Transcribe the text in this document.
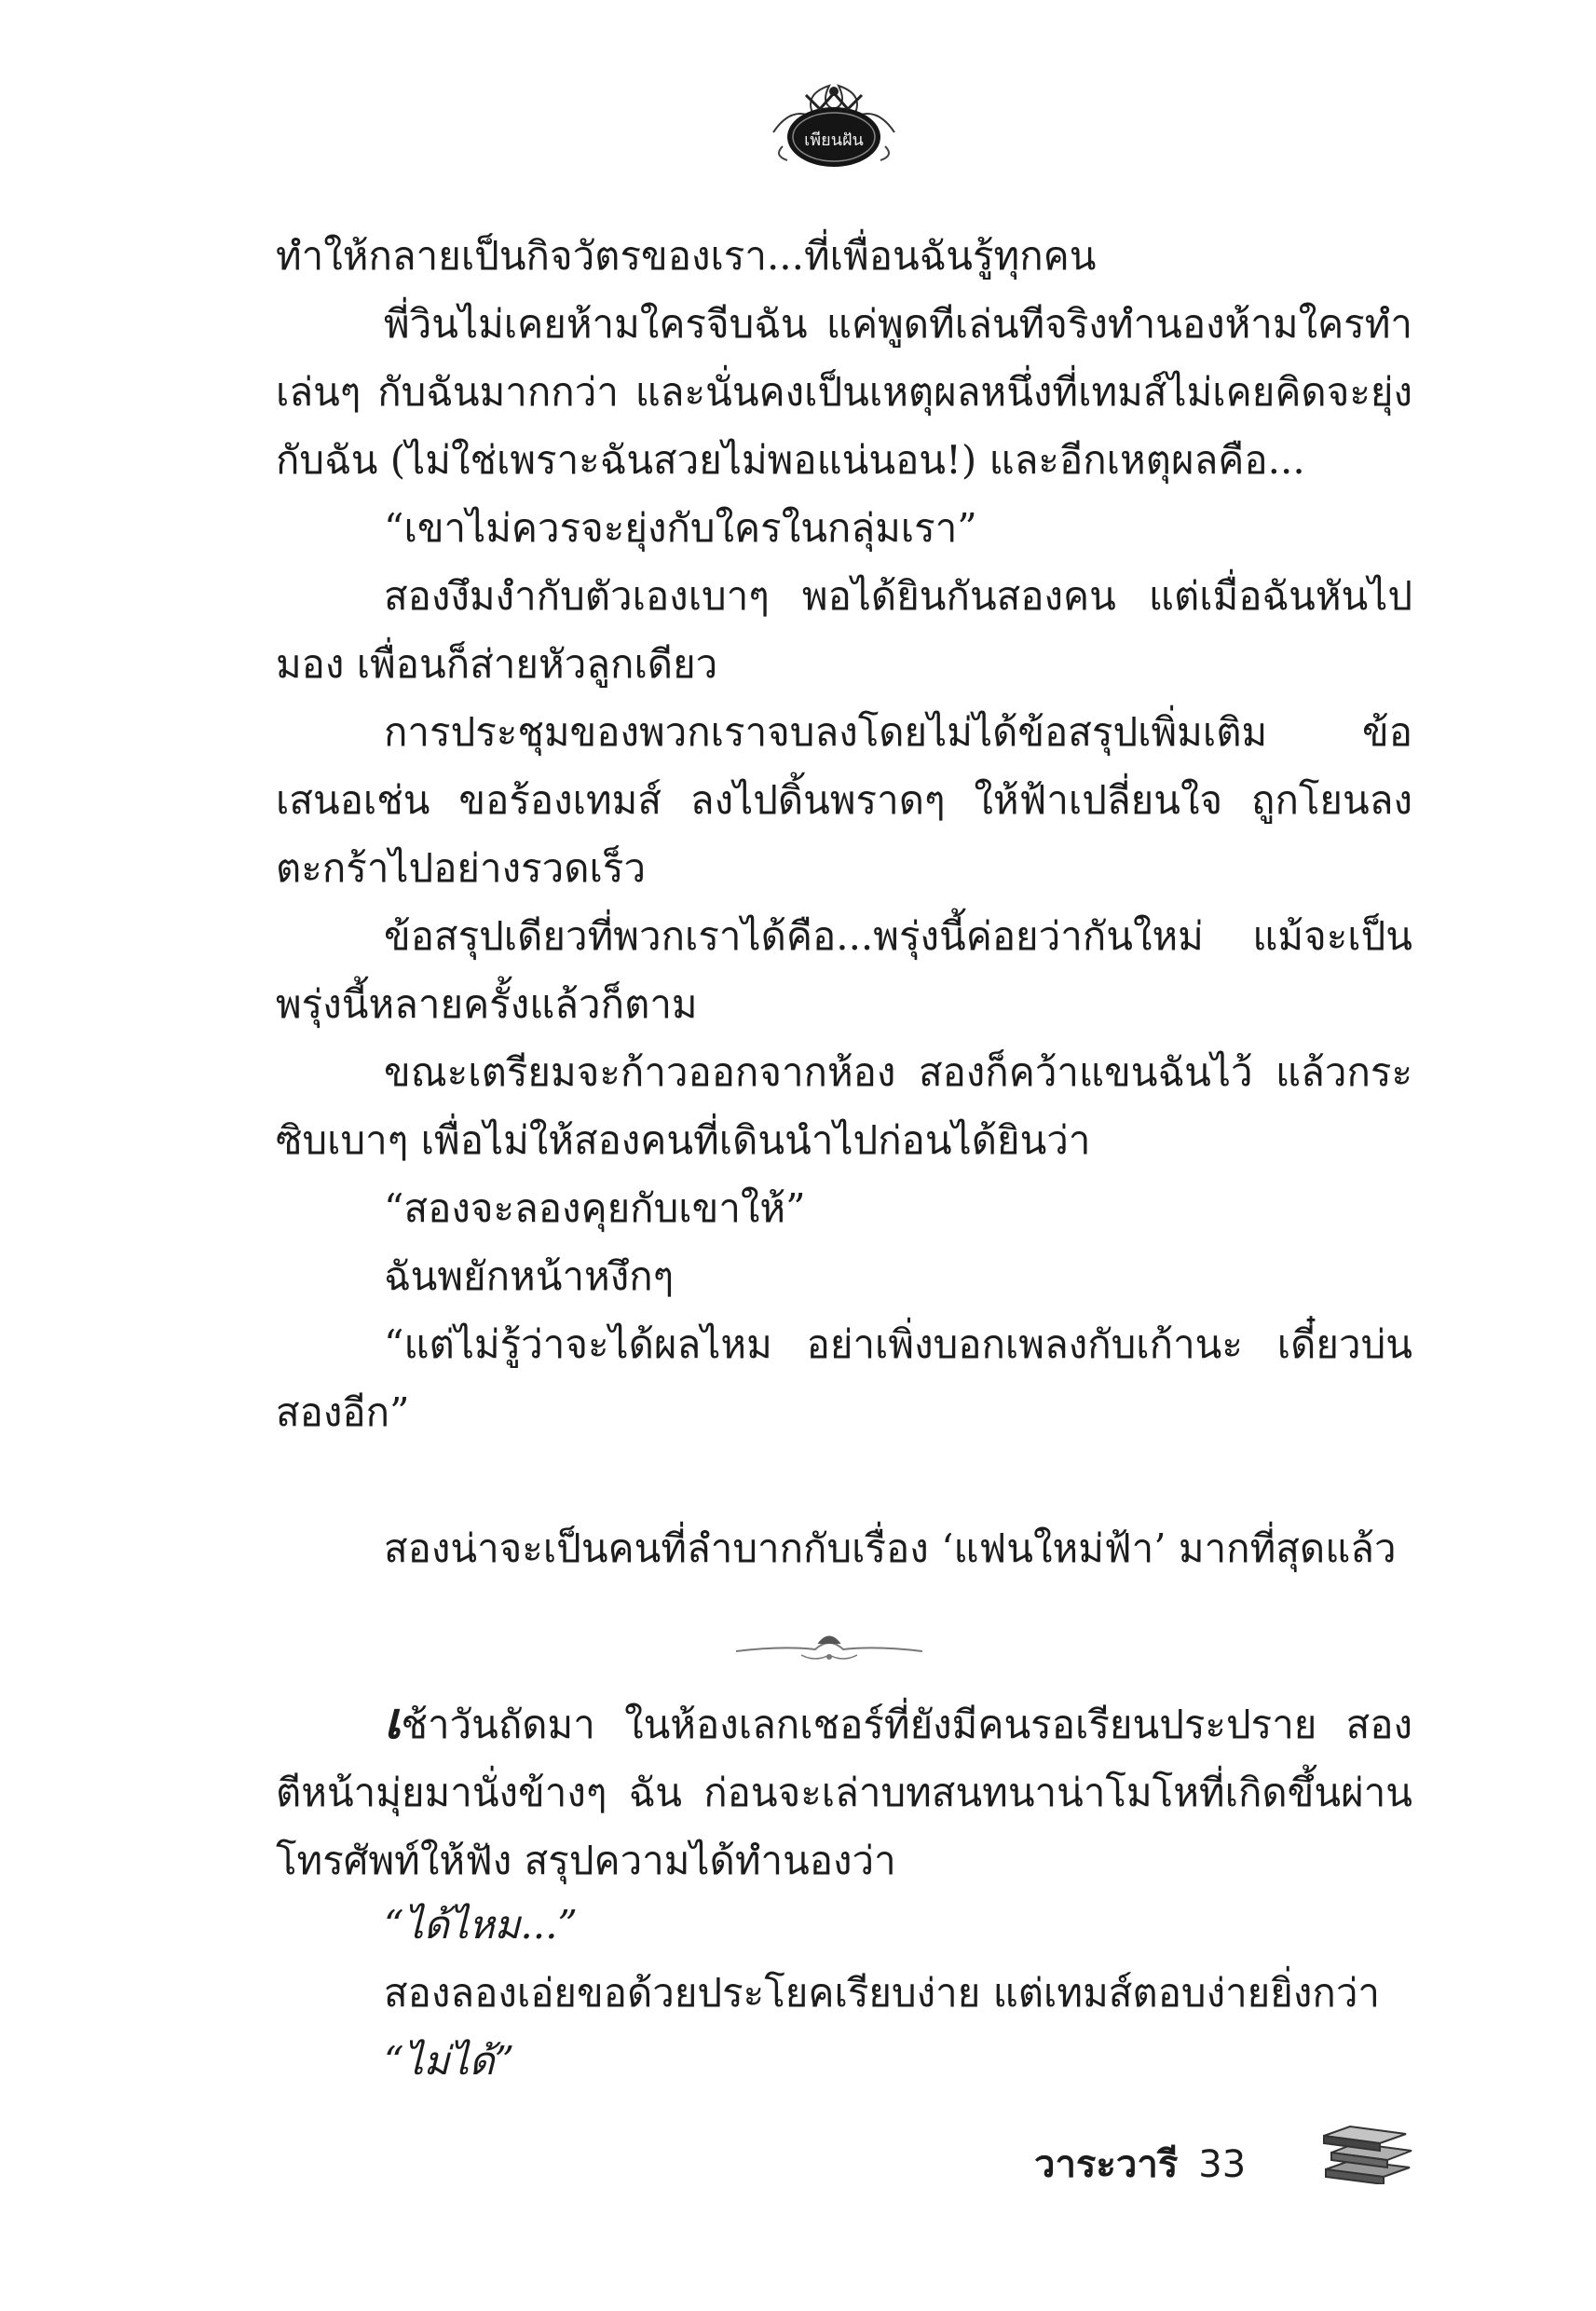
เพียนฝัน

ทำให้กลายเป็นกิจวัตรของเรา...ที่เพื่อนฉันรู้ทุกคน

พี่วินไม่เคยห้ามใครจีบฉัน แค่พูดทีเล่นทีจริงทำนองห้ามใครทำเล่นๆ กับฉันมากกว่า และนั่นคงเป็นเหตุผลหนึ่งที่เทมส์ไม่เคยคิดจะยุ่งกับฉัน (ไม่ใช่เพราะฉันสวยไม่พอแน่นอน!) และอีกเหตุผลคือ...

“เขาไม่ควรจะยุ่งกับใครในกลุ่มเรา”

สองงึมงำกับตัวเองเบาๆ พอได้ยินกันสองคน แต่เมื่อฉันหันไปมอง เพื่อนก็ส่ายหัวลูกเดียว

การประชุมของพวกเราจบลงโดยไม่ได้ข้อสรุปเพิ่มเติม ข้อเสนอเช่น ขอร้องเทมส์ ลงไปดิ้นพราดๆ ให้ฟ้าเปลี่ยนใจ ถูกโยนลงตะกร้าไปอย่างรวดเร็ว

ข้อสรุปเดียวที่พวกเราได้คือ...พรุ่งนี้ค่อยว่ากันใหม่ แม้จะเป็นพรุ่งนี้หลายครั้งแล้วก็ตาม

ขณะเตรียมจะก้าวออกจากห้อง สองก็คว้าแขนฉันไว้ แล้วกระซิบเบาๆ เพื่อไม่ให้สองคนที่เดินนำไปก่อนได้ยินว่า

“สองจะลองคุยกับเขาให้”

ฉันพยักหน้าหงึกๆ

“แต่ไม่รู้ว่าจะได้ผลไหม อย่าเพิ่งบอกเพลงกับเก้านะ เดี๋ยวบ่นสองอีก”

สองน่าจะเป็นคนที่ลำบากกับเรื่อง ‘แฟนใหม่ฟ้า’ มากที่สุดแล้ว

เช้าวันถัดมา ในห้องเลกเชอร์ที่ยังมีคนรอเรียนประปราย สองตีหน้ามุ่ยมานั่งข้างๆ ฉัน ก่อนจะเล่าบทสนทนาน่าโมโหที่เกิดขึ้นผ่านโทรศัพท์ให้ฟัง สรุปความได้ทำนองว่า

“ได้ไหม...”

สองลองเอ่ยขอด้วยประโยคเรียบง่าย แต่เทมส์ตอบง่ายยิ่งกว่า

“ไม่ได้”

วาระวารี 33
